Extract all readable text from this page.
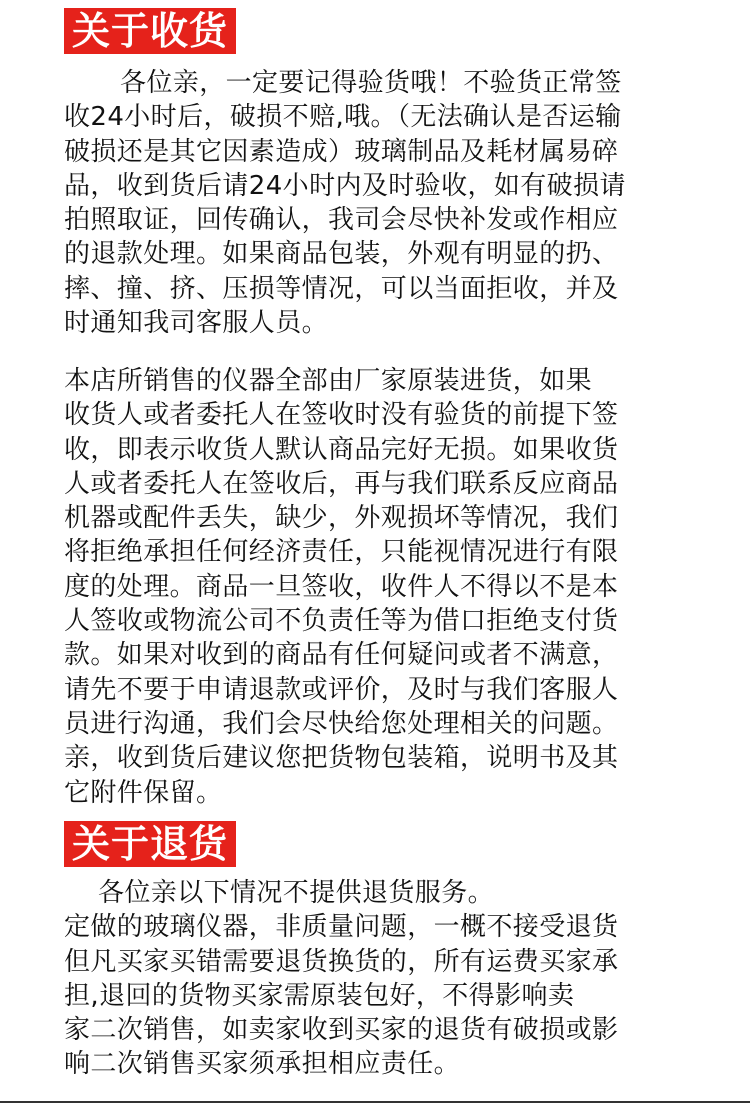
关于收货
各位亲，一定要记得验货哦！不验货正常签
收24小时后，破损不赔,哦。（无法确认是否运输
破损还是其它因素造成）玻璃制品及耗材属易碎
品，收到货后请24小时内及时验收，如有破损请
拍照取证，回传确认，我司会尽快补发或作相应
的退款处理。如果商品包装，外观有明显的扔、
摔、撞、挤、压损等情况，可以当面拒收，并及
时通知我司客服人员。
本店所销售的仪器全部由厂家原装进货，如果
收货人或者委托人在签收时没有验货的前提下签
收，即表示收货人默认商品完好无损。如果收货
人或者委托人在签收后，再与我们联系反应商品
机器或配件丢失，缺少，外观损坏等情况，我们
将拒绝承担任何经济责任，只能视情况进行有限
度的处理。商品一旦签收，收件人不得以不是本
人签收或物流公司不负责任等为借口拒绝支付货
款。如果对收到的商品有任何疑问或者不满意，
请先不要于申请退款或评价，及时与我们客服人
员进行沟通，我们会尽快给您处理相关的问题。
亲，收到货后建议您把货物包装箱，说明书及其
它附件保留。
关于退货
各位亲以下情况不提供退货服务。
定做的玻璃仪器，非质量问题，一概不接受退货
但凡买家买错需要退货换货的，所有运费买家承
担,退回的货物买家需原装包好，不得影响卖
家二次销售，如卖家收到买家的退货有破损或影
响二次销售买家须承担相应责任。
